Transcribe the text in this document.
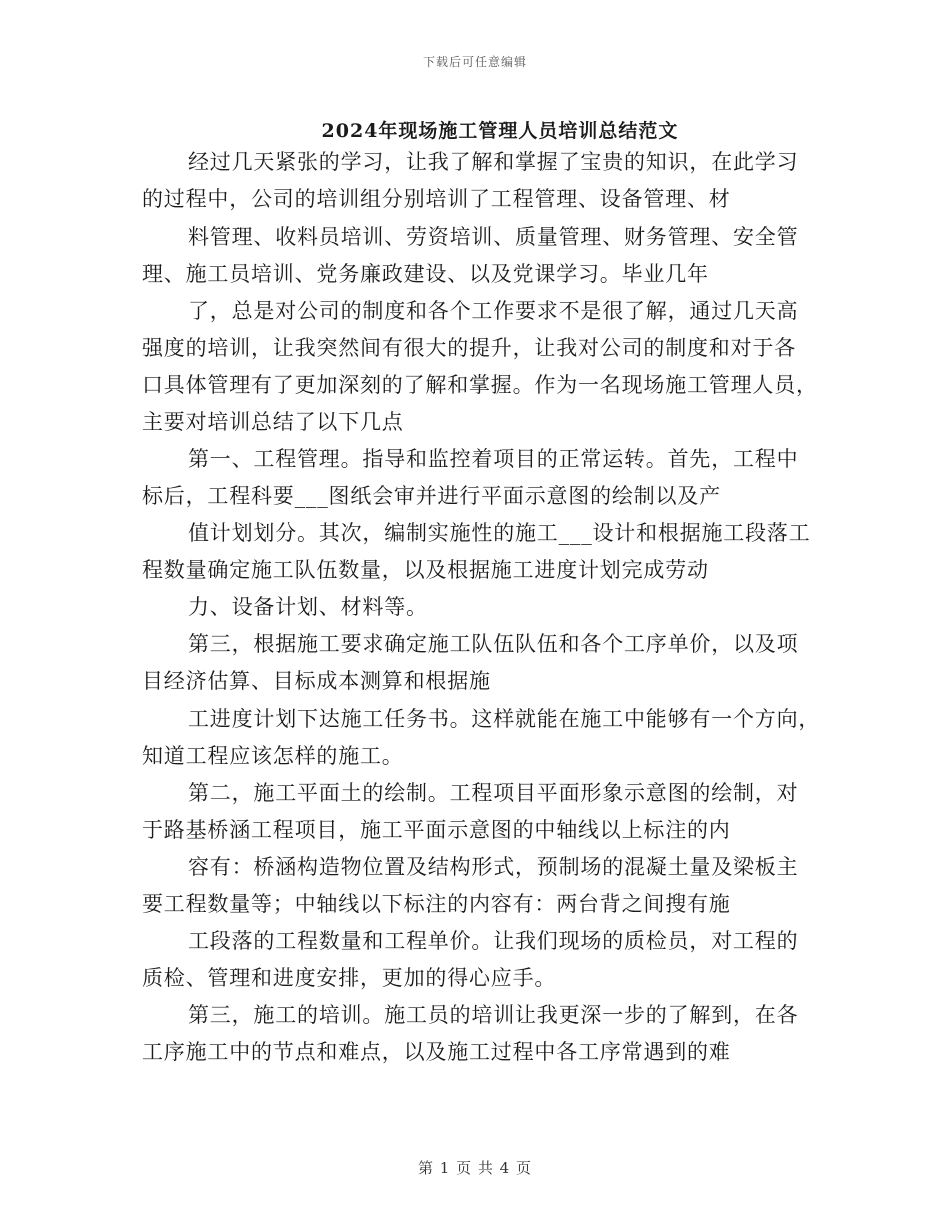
下载后可任意编辑
2024年现场施工管理人员培训总结范文
经过几天紧张的学习，让我了解和掌握了宝贵的知识，在此学习
的过程中，公司的培训组分别培训了工程管理、设备管理、材
料管理、收料员培训、劳资培训、质量管理、财务管理、安全管
理、施工员培训、党务廉政建设、以及党课学习。毕业几年
了，总是对公司的制度和各个工作要求不是很了解，通过几天高
强度的培训，让我突然间有很大的提升，让我对公司的制度和对于各
口具体管理有了更加深刻的了解和掌握。作为一名现场施工管理人员，
主要对培训总结了以下几点
第一、工程管理。指导和监控着项目的正常运转。首先，工程中
标后，工程科要___图纸会审并进行平面示意图的绘制以及产
值计划划分。其次，编制实施性的施工___设计和根据施工段落工
程数量确定施工队伍数量，以及根据施工进度计划完成劳动
力、设备计划、材料等。
第三，根据施工要求确定施工队伍队伍和各个工序单价，以及项
目经济估算、目标成本测算和根据施
工进度计划下达施工任务书。这样就能在施工中能够有一个方向，
知道工程应该怎样的施工。
第二，施工平面土的绘制。工程项目平面形象示意图的绘制，对
于路基桥涵工程项目，施工平面示意图的中轴线以上标注的内
容有：桥涵构造物位置及结构形式，预制场的混凝土量及梁板主
要工程数量等；中轴线以下标注的内容有：两台背之间搜有施
工段落的工程数量和工程单价。让我们现场的质检员，对工程的
质检、管理和进度安排，更加的得心应手。
第三，施工的培训。施工员的培训让我更深一步的了解到，在各
工序施工中的节点和难点，以及施工过程中各工序常遇到的难
第 1 页 共 4 页
